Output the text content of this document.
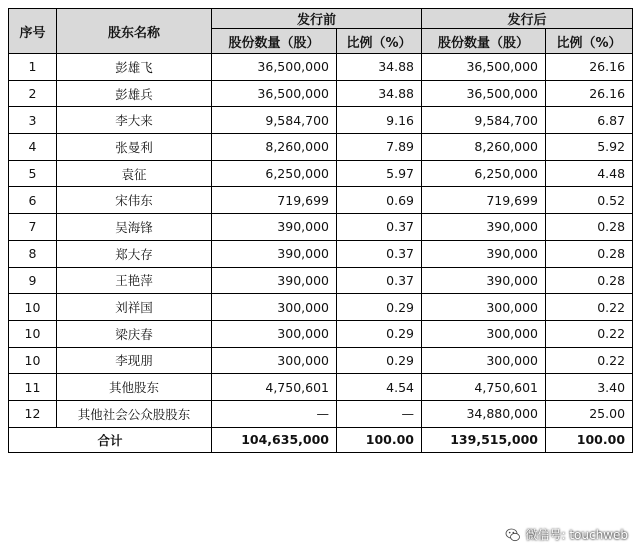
序号	股东名称	发行前		发行后	
		股份数量（股）	比例（%）	股份数量（股）	比例（%）
1	彭雄飞	36,500,000	34.88	36,500,000	26.16
2	彭雄兵	36,500,000	34.88	36,500,000	26.16
3	李大来	9,584,700	9.16	9,584,700	6.87
4	张曼利	8,260,000	7.89	8,260,000	5.92
5	袁征	6,250,000	5.97	6,250,000	4.48
6	宋伟东	719,699	0.69	719,699	0.52
7	吴海锋	390,000	0.37	390,000	0.28
8	郑大存	390,000	0.37	390,000	0.28
9	王艳萍	390,000	0.37	390,000	0.28
10	刘祥国	300,000	0.29	300,000	0.22
10	梁庆春	300,000	0.29	300,000	0.22
10	李现朋	300,000	0.29	300,000	0.22
11	其他股东	4,750,601	4.54	4,750,601	3.40
12	其他社会公众股股东	—	—	34,880,000	25.00
合计		104,635,000	100.00	139,515,000	100.00
微信号: touchweb
